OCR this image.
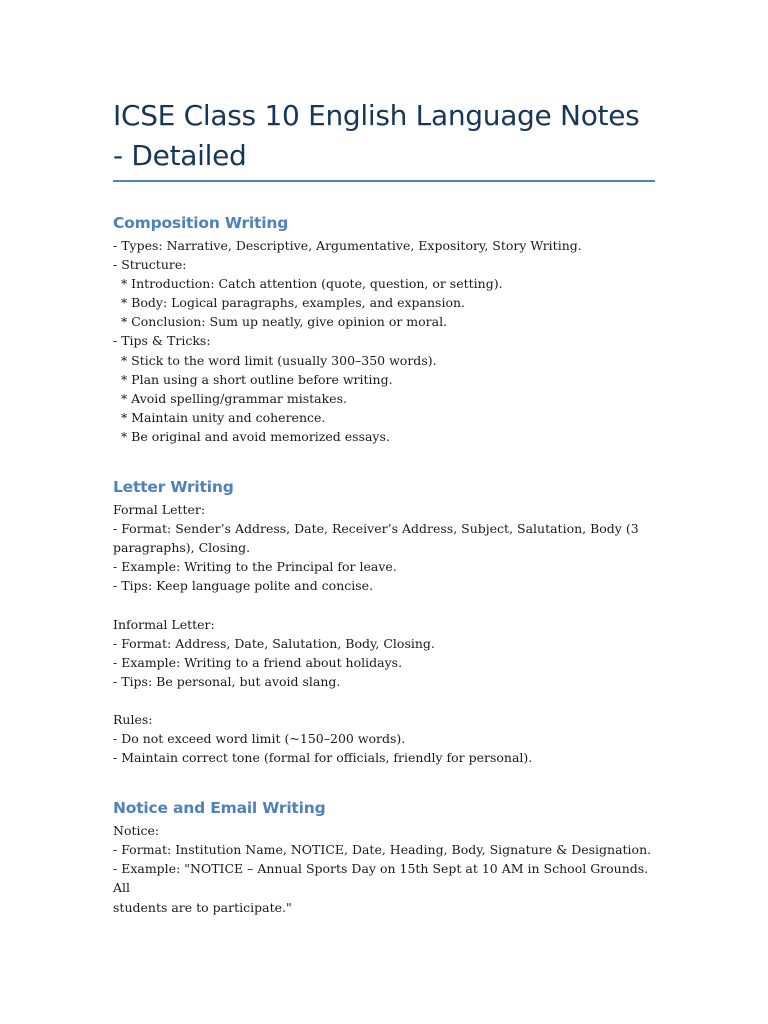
ICSE Class 10 English Language Notes - Detailed
Composition Writing

- Types: Narrative, Descriptive, Argumentative, Expository, Story Writing.

- Structure:

* Introduction: Catch attention (quote, question, or setting).

* Body: Logical paragraphs, examples, and expansion.

* Conclusion: Sum up neatly, give opinion or moral.

- Tips & Tricks:

* Stick to the word limit (usually 300–350 words).

* Plan using a short outline before writing.

* Avoid spelling/grammar mistakes.

* Maintain unity and coherence.

* Be original and avoid memorized essays.

Letter Writing

Formal Letter:

- Format: Sender’s Address, Date, Receiver’s Address, Subject, Salutation, Body (3

paragraphs), Closing.

- Example: Writing to the Principal for leave.

- Tips: Keep language polite and concise.

Informal Letter:

- Format: Address, Date, Salutation, Body, Closing.

- Example: Writing to a friend about holidays.

- Tips: Be personal, but avoid slang.

Rules:

- Do not exceed word limit (~150–200 words).

- Maintain correct tone (formal for officials, friendly for personal).

Notice and Email Writing

Notice:

- Format: Institution Name, NOTICE, Date, Heading, Body, Signature & Designation.

- Example: "NOTICE – Annual Sports Day on 15th Sept at 10 AM in School Grounds. All

students are to participate."
